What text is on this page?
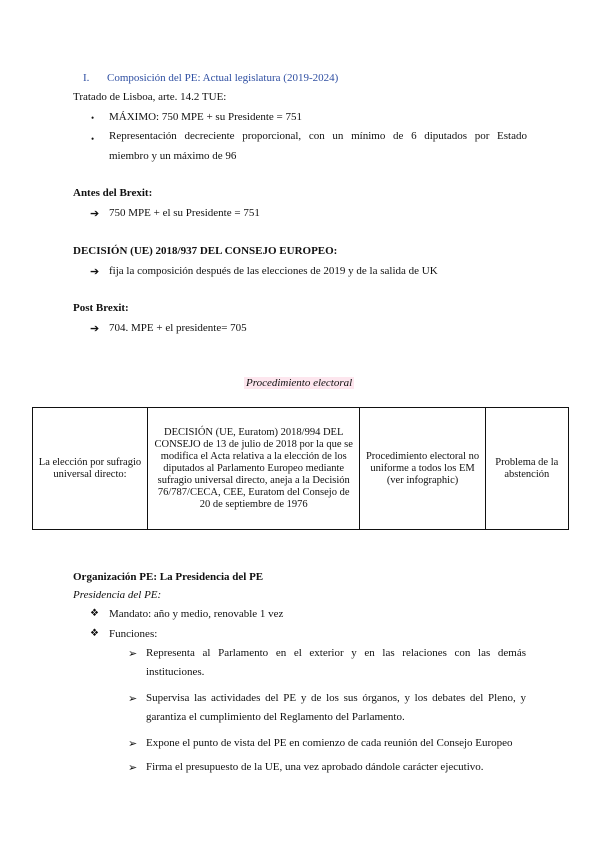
I. Composición del PE: Actual legislatura (2019-2024)
Tratado de Lisboa, arte. 14.2 TUE:
• MÁXIMO: 750 MPE + su Presidente = 751
• Representación decreciente proporcional, con un mínimo de 6 diputados por Estado
miembro y un máximo de 96
Antes del Brexit:
➔ 750 MPE + el su Presidente = 751
DECISIÓN (UE) 2018/937 DEL CONSEJO EUROPEO:
➔ fija la composición después de las elecciones de 2019 y de la salida de UK
Post Brexit:
➔ 704. MPE + el presidente= 705
Procedimiento electoral
La elección por sufragio universal directo:	DECISIÓN (UE, Euratom) 2018/994 DEL CONSEJO de 13 de julio de 2018 por la que se modifica el Acta relativa a la elección de los diputados al Parlamento Europeo mediante sufragio universal directo, aneja a la Decisión 76/787/CECA, CEE, Euratom del Consejo de 20 de septiembre de 1976	Procedimiento electoral no uniforme a todos los EM (ver infographic)	Problema de la abstención
Organización PE: La Presidencia del PE
Presidencia del PE:
❖ Mandato: año y medio, renovable 1 vez
❖ Funciones:
➢ Representa al Parlamento en el exterior y en las relaciones con las demás
instituciones.
➢ Supervisa las actividades del PE y de los sus órganos, y los debates del Pleno, y
garantiza el cumplimiento del Reglamento del Parlamento.
➢ Expone el punto de vista del PE en comienzo de cada reunión del Consejo Europeo
➢ Firma el presupuesto de la UE, una vez aprobado dándole carácter ejecutivo.
